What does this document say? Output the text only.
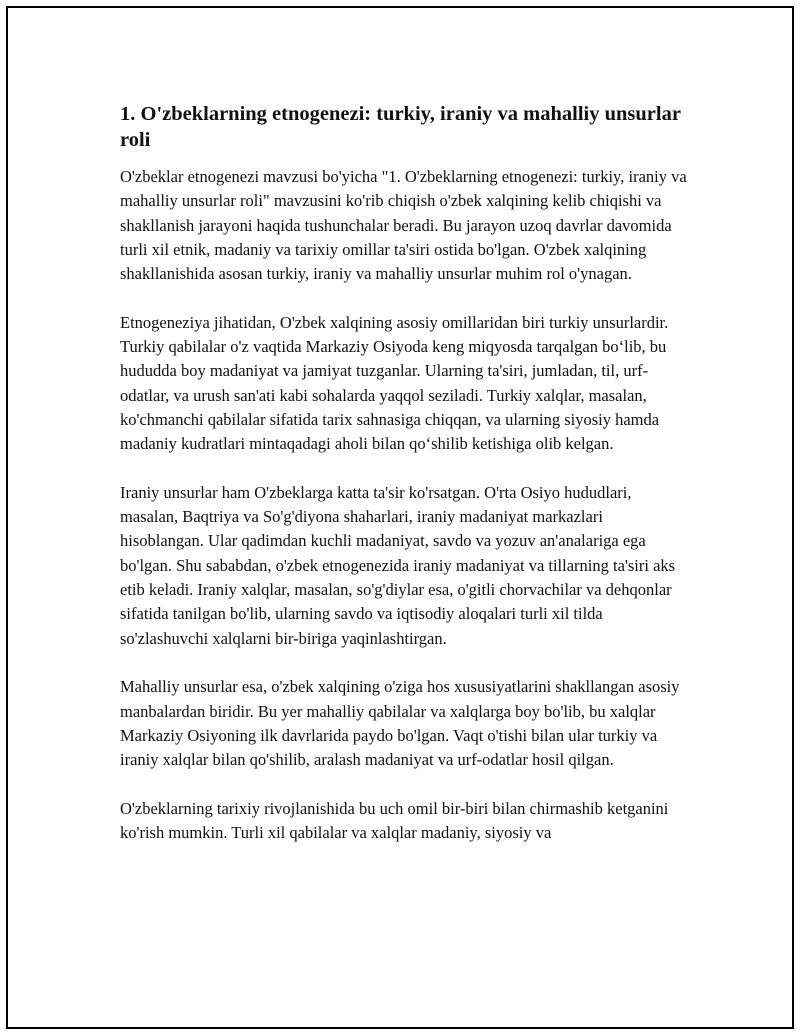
1. O'zbeklarning etnogenezi: turkiy, iraniy va mahalliy unsurlar roli

O'zbeklar etnogenezi mavzusi bo'yicha "1. O'zbeklarning etnogenezi: turkiy, iraniy va mahalliy unsurlar roli" mavzusini ko'rib chiqish o'zbek xalqining kelib chiqishi va shakllanish jarayoni haqida tushunchalar beradi. Bu jarayon uzoq davrlar davomida turli xil etnik, madaniy va tarixiy omillar ta'siri ostida bo'lgan. O'zbek xalqining shakllanishida asosan turkiy, iraniy va mahalliy unsurlar muhim rol o'ynagan.

Etnogeneziya jihatidan, O'zbek xalqining asosiy omillaridan biri turkiy unsurlardir. Turkiy qabilalar o'z vaqtida Markaziy Osiyoda keng miqyosda tarqalgan bo‘lib, bu hududda boy madaniyat va jamiyat tuzganlar. Ularning ta'siri, jumladan, til, urf-odatlar, va urush san'ati kabi sohalarda yaqqol seziladi. Turkiy xalqlar, masalan, ko'chmanchi qabilalar sifatida tarix sahnasiga chiqqan, va ularning siyosiy hamda madaniy kudratlari mintaqadagi aholi bilan qo‘shilib ketishiga olib kelgan.

Iraniy unsurlar ham O'zbeklarga katta ta'sir ko'rsatgan. O'rta Osiyo hududlari, masalan, Baqtriya va So'g'diyona shaharlari, iraniy madaniyat markazlari hisoblangan. Ular qadimdan kuchli madaniyat, savdo va yozuv an'analariga ega bo'lgan. Shu sababdan, o'zbek etnogenezida iraniy madaniyat va tillarning ta'siri aks etib keladi. Iraniy xalqlar, masalan, so'g'diylar esa, o'gitli chorvachilar va dehqonlar sifatida tanilgan bo'lib, ularning savdo va iqtisodiy aloqalari turli xil tilda so'zlashuvchi xalqlarni bir-biriga yaqinlashtirgan.

Mahalliy unsurlar esa, o'zbek xalqining o'ziga hos xususiyatlarini shakllangan asosiy manbalardan biridir. Bu yer mahalliy qabilalar va xalqlarga boy bo'lib, bu xalqlar Markaziy Osiyoning ilk davrlarida paydo bo'lgan. Vaqt o'tishi bilan ular turkiy va iraniy xalqlar bilan qo'shilib, aralash madaniyat va urf-odatlar hosil qilgan.

O'zbeklarning tarixiy rivojlanishida bu uch omil bir-biri bilan chirmashib ketganini ko'rish mumkin. Turli xil qabilalar va xalqlar madaniy, siyosiy va
